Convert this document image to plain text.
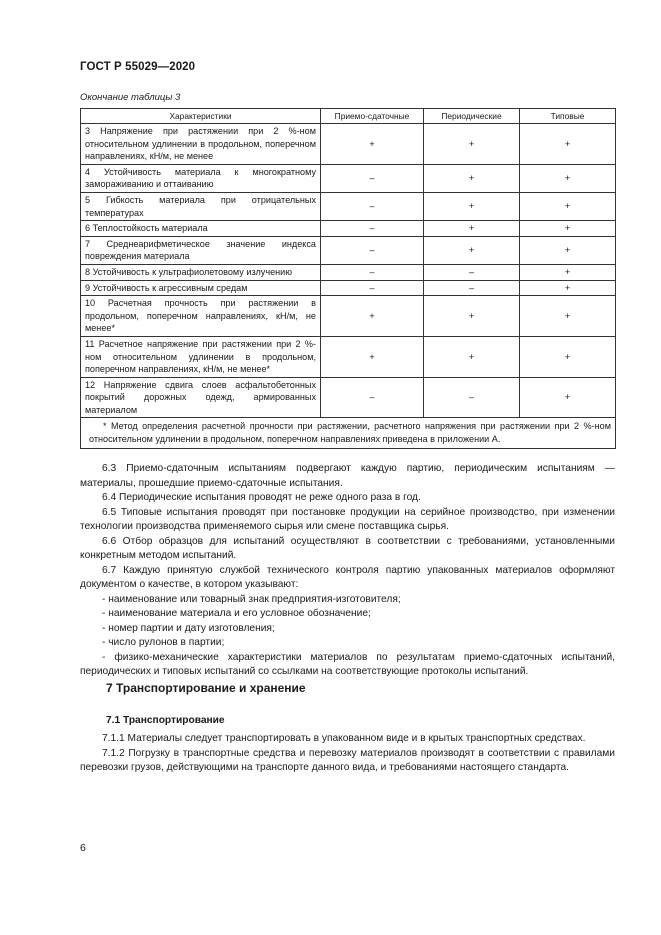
ГОСТ Р 55029—2020
Окончание таблицы 3
Характеристики	Приемо-сдаточные	Периодические	Типовые
3 Напряжение при растяжении при 2 %-ном относительном удлинении в продольном, поперечном направлениях, кН/м, не менее	+	+	+
4 Устойчивость материала к многократному замораживанию и оттаиванию	–	+	+
5 Гибкость материала при отрицательных температурах	–	+	+
6 Теплостойкость материала	–	+	+
7 Среднеарифметическое значение индекса повреждения материала	–	+	+
8 Устойчивость к ультрафиолетовому излучению	–	–	+
9 Устойчивость к агрессивным средам	–	–	+
10 Расчетная прочность при растяжении в продольном, поперечном направлениях, кН/м, не менее*	+	+	+
11 Расчетное напряжение при растяжении при 2 %-ном относительном удлинении в продольном, поперечном направлениях, кН/м, не менее*	+	+	+
12 Напряжение сдвига слоев асфальтобетонных покрытий дорожных одежд, армированных материалом	–	–	+
* Метод определения расчетной прочности при растяжении, расчетного напряжения при растяжении при 2 %-ном относительном удлинении в продольном, поперечном направлениях приведена в приложении А.			

6.3 Приемо-сдаточным испытаниям подвергают каждую партию, периодическим испытаниям — материалы, прошедшие приемо-сдаточные испытания.

6.4 Периодические испытания проводят не реже одного раза в год.

6.5 Типовые испытания проводят при постановке продукции на серийное производство, при изменении технологии производства применяемого сырья или смене поставщика сырья.

6.6 Отбор образцов для испытаний осуществляют в соответствии с требованиями, установленными конкретным методом испытаний.

6.7 Каждую принятую службой технического контроля партию упакованных материалов оформляют документом о качестве, в котором указывают:

- наименование или товарный знак предприятия-изготовителя;

- наименование материала и его условное обозначение;

- номер партии и дату изготовления;

- число рулонов в партии;

- физико-механические характеристики материалов по результатам приемо-сдаточных испытаний, периодических и типовых испытаний со ссылками на соответствующие протоколы испытаний.

7 Транспортирование и хранение
7.1 Транспортирование

7.1.1 Материалы следует транспортировать в упакованном виде и в крытых транспортных средствах.

7.1.2 Погрузку в транспортные средства и перевозку материалов производят в соответствии с правилами перевозки грузов, действующими на транспорте данного вида, и требованиями настоящего стандарта.

6
